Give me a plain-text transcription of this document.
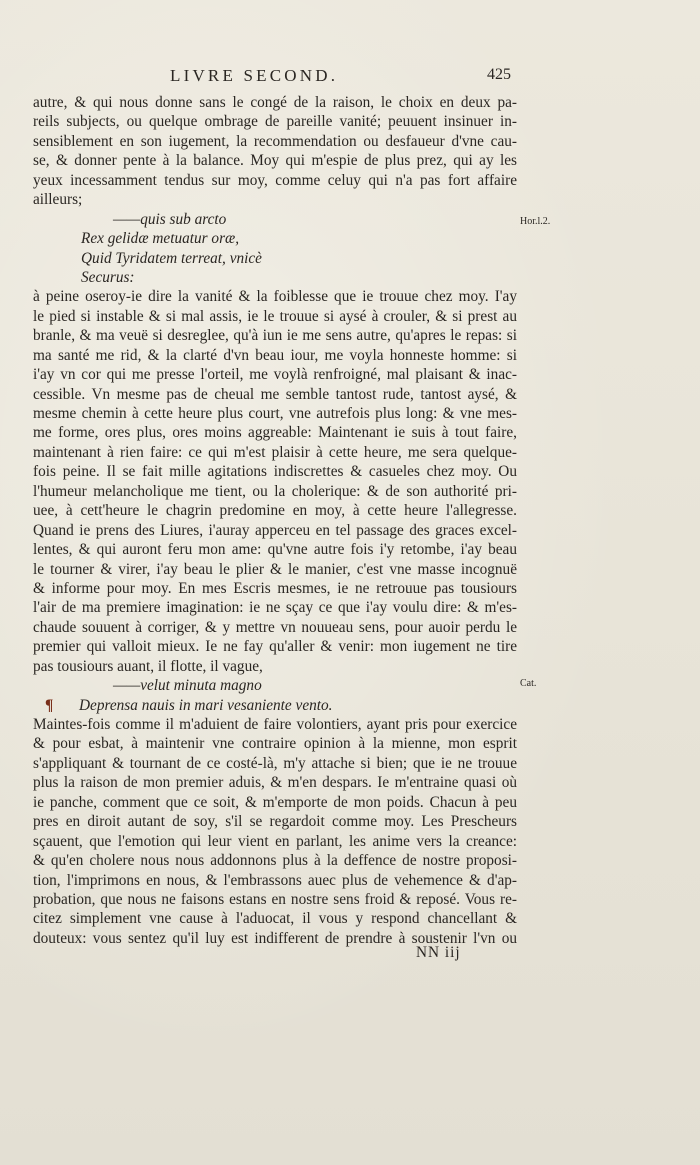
LIVRE SECOND.	425
autre, & qui nous donne sans le congé de la raison, le choix en deux pa-
reils subjects, ou quelque ombrage de pareille vanité; peuuent insinuer in-
sensiblement en son iugement, la recommendation ou desfaueur d'vne cau-
se, & donner pente à la balance. Moy qui m'espie de plus prez, qui ay les
yeux incessamment tendus sur moy, comme celuy qui n'a pas fort affaire
ailleurs;
——quis sub arcto
Rex gelidæ metuatur oræ,
Quid Tyridatem terreat, vnicè
Securus:
à peine oseroy-ie dire la vanité & la foiblesse que ie trouue chez moy. I'ay
le pied si instable & si mal assis, ie le trouue si aysé à crouler, & si prest au
branle, & ma veuë si desreglee, qu'à iun ie me sens autre, qu'apres le repas: si
ma santé me rid, & la clarté d'vn beau iour, me voyla honneste homme: si
i'ay vn cor qui me presse l'orteil, me voylà renfroigné, mal plaisant & inac-
cessible. Vn mesme pas de cheual me semble tantost rude, tantost aysé, &
mesme chemin à cette heure plus court, vne autrefois plus long: & vne mes-
me forme, ores plus, ores moins aggreable: Maintenant ie suis à tout faire,
maintenant à rien faire: ce qui m'est plaisir à cette heure, me sera quelque-
fois peine. Il se fait mille agitations indiscrettes & casueles chez moy. Ou
l'humeur melancholique me tient, ou la cholerique: & de son authorité pri-
uee, à cett'heure le chagrin predomine en moy, à cette heure l'allegresse.
Quand ie prens des Liures, i'auray apperceu en tel passage des graces excel-
lentes, & qui auront feru mon ame: qu'vne autre fois i'y retombe, i'ay beau
le tourner & virer, i'ay beau le plier & le manier, c'est vne masse incognuë
& informe pour moy. En mes Escris mesmes, ie ne retrouue pas tousiours
l'air de ma premiere imagination: ie ne sçay ce que i'ay voulu dire: & m'es-
chaude souuent à corriger, & y mettre vn nouueau sens, pour auoir perdu le
premier qui valloit mieux. Ie ne fay qu'aller & venir: mon iugement ne tire
pas tousiours auant, il flotte, il vague,
——velut minuta magno
¶ Deprensa nauis in mari vesaniente vento.
Maintes-fois comme il m'aduient de faire volontiers, ayant pris pour exercice
& pour esbat, à maintenir vne contraire opinion à la mienne, mon esprit
s'appliquant & tournant de ce costé-là, m'y attache si bien; que ie ne trouue
plus la raison de mon premier aduis, & m'en despars. Ie m'entraine quasi où
ie panche, comment que ce soit, & m'emporte de mon poids. Chacun à peu
pres en diroit autant de soy, s'il se regardoit comme moy. Les Prescheurs
sçauent, que l'emotion qui leur vient en parlant, les anime vers la creance:
& qu'en cholere nous nous addonnons plus à la deffence de nostre proposi-
tion, l'imprimons en nous, & l'embrassons auec plus de vehemence & d'ap-
probation, que nous ne faisons estans en nostre sens froid & reposé. Vous re-
citez simplement vne cause à l'aduocat, il vous y respond chancellant &
douteux: vous sentez qu'il luy est indifferent de prendre à soustenir l'vn ou
Hor.l.2.
Cat.
NN iij
